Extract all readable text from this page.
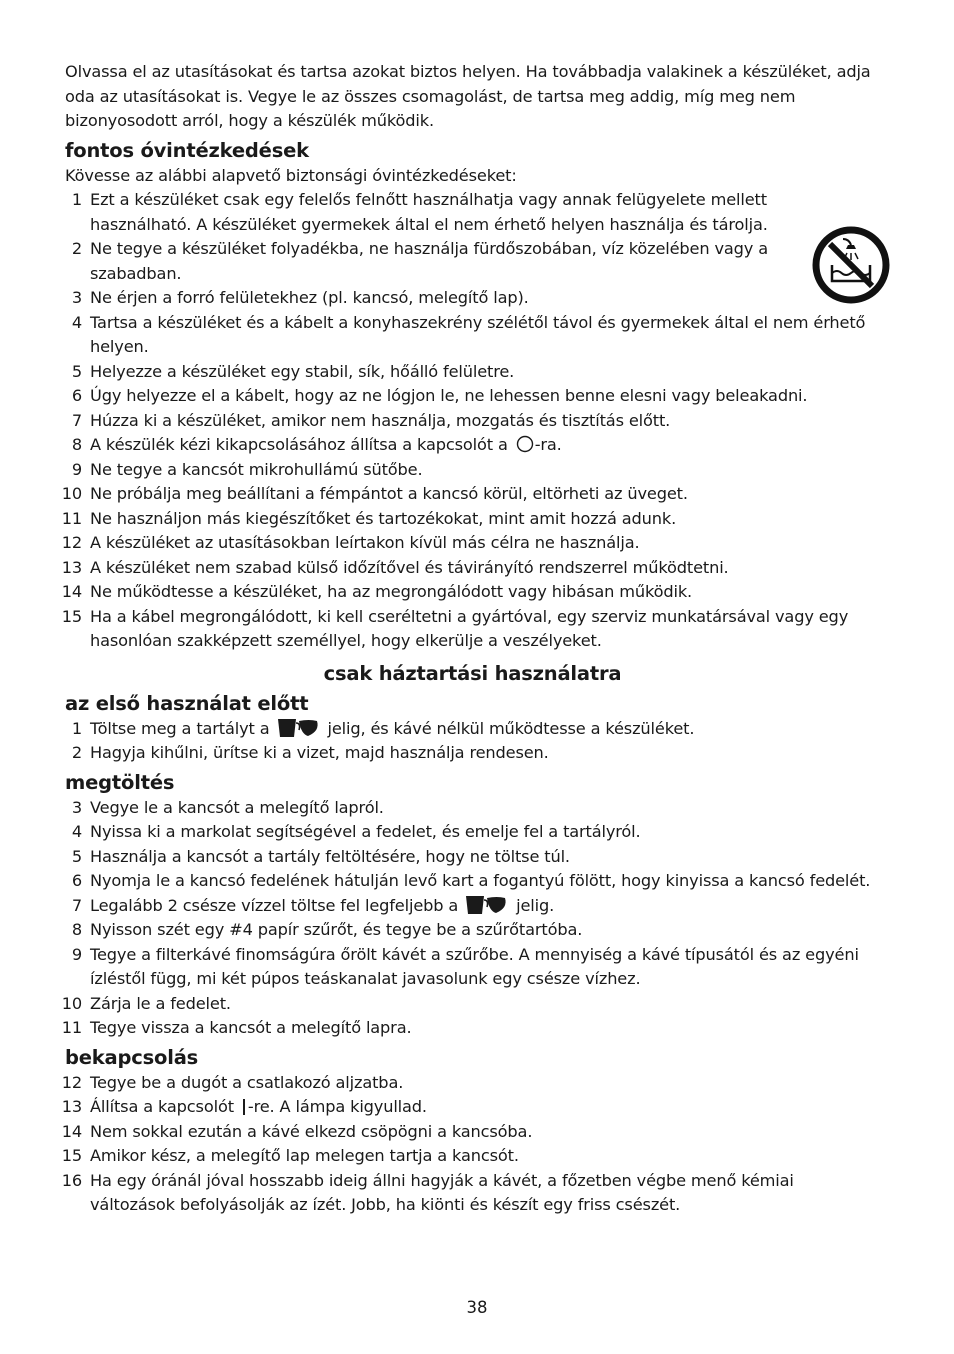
Olvassa el az utasításokat és tartsa azokat biztos helyen. Ha továbbadja valakinek a készüléket, adja oda az utasításokat is. Vegye le az összes csomagolást, de tartsa meg addig, míg meg nem bizonyosodott arról, hogy a készülék működik.

fontos óvintézkedések

Kövesse az alábbi alapvető biztonsági óvintézkedéseket:

1 Ezt a készüléket csak egy felelős felnőtt használhatja vagy annak felügyelete mellett használható. A készüléket gyermekek által el nem érhető helyen használja és tárolja.
2 Ne tegye a készüléket folyadékba, ne használja fürdőszobában, víz közelében vagy a szabadban.
3 Ne érjen a forró felületekhez (pl. kancsó, melegítő lap).
4 Tartsa a készüléket és a kábelt a konyhaszekrény szélétől távol és gyermekek által el nem érhető helyen.
5 Helyezze a készüléket egy stabil, sík, hőálló felületre.
6 Úgy helyezze el a kábelt, hogy az ne lógjon le, ne lehessen benne elesni vagy beleakadni.
7 Húzza ki a készüléket, amikor nem használja, mozgatás és tisztítás előtt.
8 A készülék kézi kikapcsolásához állítsa a kapcsolót a -ra.
9 Ne tegye a kancsót mikrohullámú sütőbe.
10 Ne próbálja meg beállítani a fémpántot a kancsó körül, eltörheti az üveget.
11 Ne használjon más kiegészítőket és tartozékokat, mint amit hozzá adunk.
12 A készüléket az utasításokban leírtakon kívül más célra ne használja.
13 A készüléket nem szabad külső időzítővel és távirányító rendszerrel működtetni.
14 Ne működtesse a készüléket, ha az megrongálódott vagy hibásan működik.
15 Ha a kábel megrongálódott, ki kell cseréltetni a gyártóval, egy szerviz munkatársával vagy egy hasonlóan szakképzett személlyel, hogy elkerülje a veszélyeket.

csak háztartási használatra

az első használat előtt
1 Töltse meg a tartályt a	jelig, és kávé nélkül működtesse a készüléket.
2 Hagyja kihűlni, ürítse ki a vizet, majd használja rendesen.
megtöltés
3 Vegye le a kancsót a melegítő lapról.
4 Nyissa ki a markolat segítségével a fedelet, és emelje fel a tartályról.
5 Használja a kancsót a tartály feltöltésére, hogy ne töltse túl.
6 Nyomja le a kancsó fedelének hátulján levő kart a fogantyú fölött, hogy kinyissa a kancsó fedelét.
7 Legalább 2 csésze vízzel töltse fel legfeljebb a	jelig.
8 Nyisson szét egy #4 papír szűrőt, és tegye be a szűrőtartóba.
9 Tegye a filterkávé finomságúra őrölt kávét a szűrőbe. A mennyiség a kávé típusától és az egyéni ízléstől függ, mi két púpos teáskanalat javasolunk egy csésze vízhez.
10 Zárja le a fedelet.
11 Tegye vissza a kancsót a melegítő lapra.
bekapcsolás
12 Tegye be a dugót a csatlakozó aljzatba.
13 Állítsa a kapcsolót -re. A lámpa kigyullad.
14 Nem sokkal ezután a kávé elkezd csöpögni a kancsóba.
15 Amikor kész, a melegítő lap melegen tartja a kancsót.
16 Ha egy óránál jóval hosszabb ideig állni hagyják a kávét, a főzetben végbe menő kémiai változások befolyásolják az ízét. Jobb, ha kiönti és készít egy friss csészét.
38
